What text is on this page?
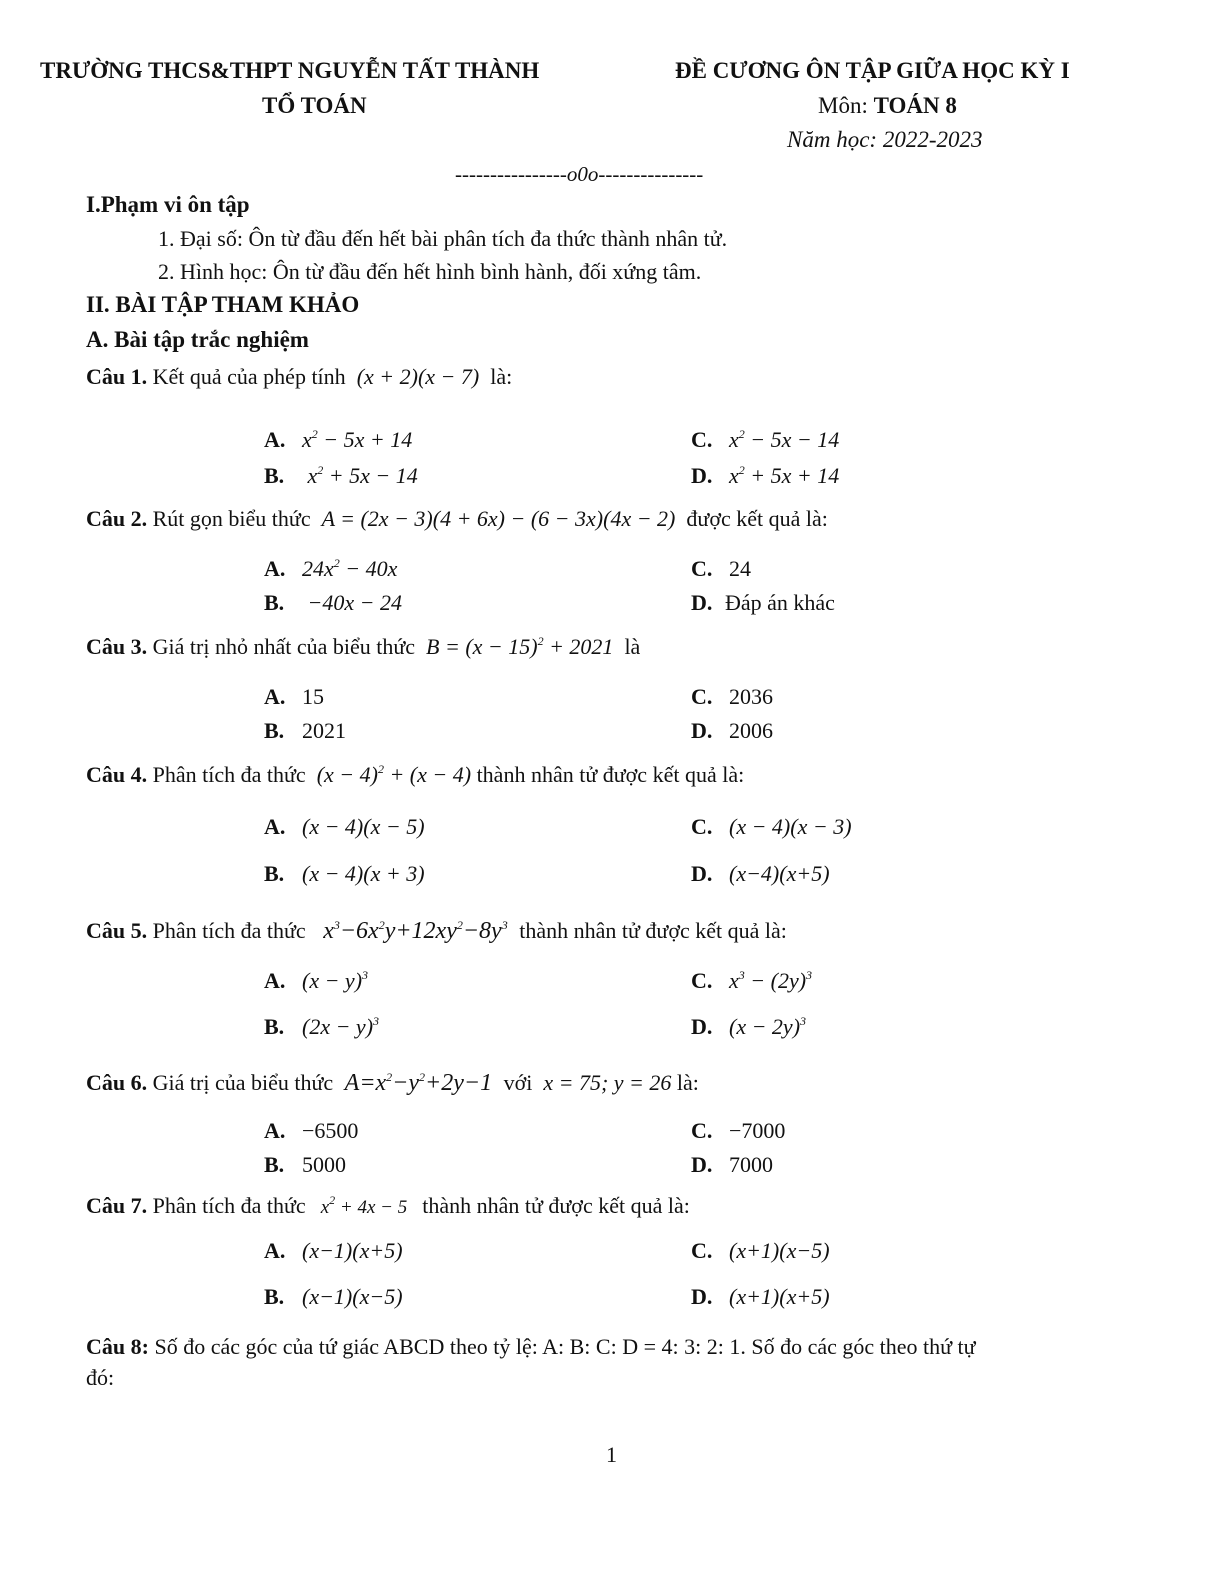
TRƯỜNG THCS&THPT NGUYỄN TẤT THÀNH
TỔ TOÁN
ĐỀ CƯƠNG ÔN TẬP GIỮA HỌC KỲ I
Môn: TOÁN 8
Năm học: 2022-2023
----------------o0o---------------
I.Phạm vi ôn tập
1. Đại số: Ôn từ đầu đến hết bài phân tích đa thức thành nhân tử.
2. Hình học: Ôn từ đầu đến hết hình bình hành, đối xứng tâm.
II. BÀI TẬP THAM KHẢO
A. Bài tập trắc nghiệm
Câu 1. Kết quả của phép tính  (x + 2)(x − 7)  là:
A. $x^2 - 5x + 14$	C. $x^2 - 5x - 14$
B. $x^2 + 5x - 14$	D. $x^2 + 5x + 14$
Câu 2. Rút gọn biểu thức  A = (2x − 3)(4 + 6x) − (6 − 3x)(4x − 2)  được kết quả là:
A. $24x^2 - 40x$	C. 24
B. −40x − 24	D. Đáp án khác
Câu 3. Giá trị nhỏ nhất của biểu thức  $B = (x - 15)^2 + 2021$  là
A. 15	C. 2036
B. 2021	D. 2006
Câu 4. Phân tích đa thức  $(x - 4)^2 + (x - 4)$ thành nhân tử được kết quả là:
A. (x − 4)(x − 5)	C. (x − 4)(x − 3)
B. (x − 4)(x + 3)	D. (x−4)(x+5)
Câu 5. Phân tích đa thức   $x^3-6x^2y+12xy^2-8y^3$ thành nhân tử được kết quả là:
A. $(x - y)^3$	C. $x^3 - (2y)^3$
B. $(2x - y)^3$	D. $(x - 2y)^3$
Câu 6. Giá trị của biểu thức  $A=x^2-y^2+2y-1$  với  x = 75; y = 26 là:
A. −6500	C. −7000
B. 5000	D. 7000
Câu 7. Phân tích đa thức   $x^2 + 4x - 5$   thành nhân tử được kết quả là:
A. (x−1)(x+5)	C. (x+1)(x−5)
B. (x−1)(x−5)	D. (x+1)(x+5)
Câu 8: Số đo các góc của tứ giác ABCD theo tỷ lệ: A: B: C: D = 4: 3: 2: 1. Số đo các góc theo thứ tự
đó:
1
